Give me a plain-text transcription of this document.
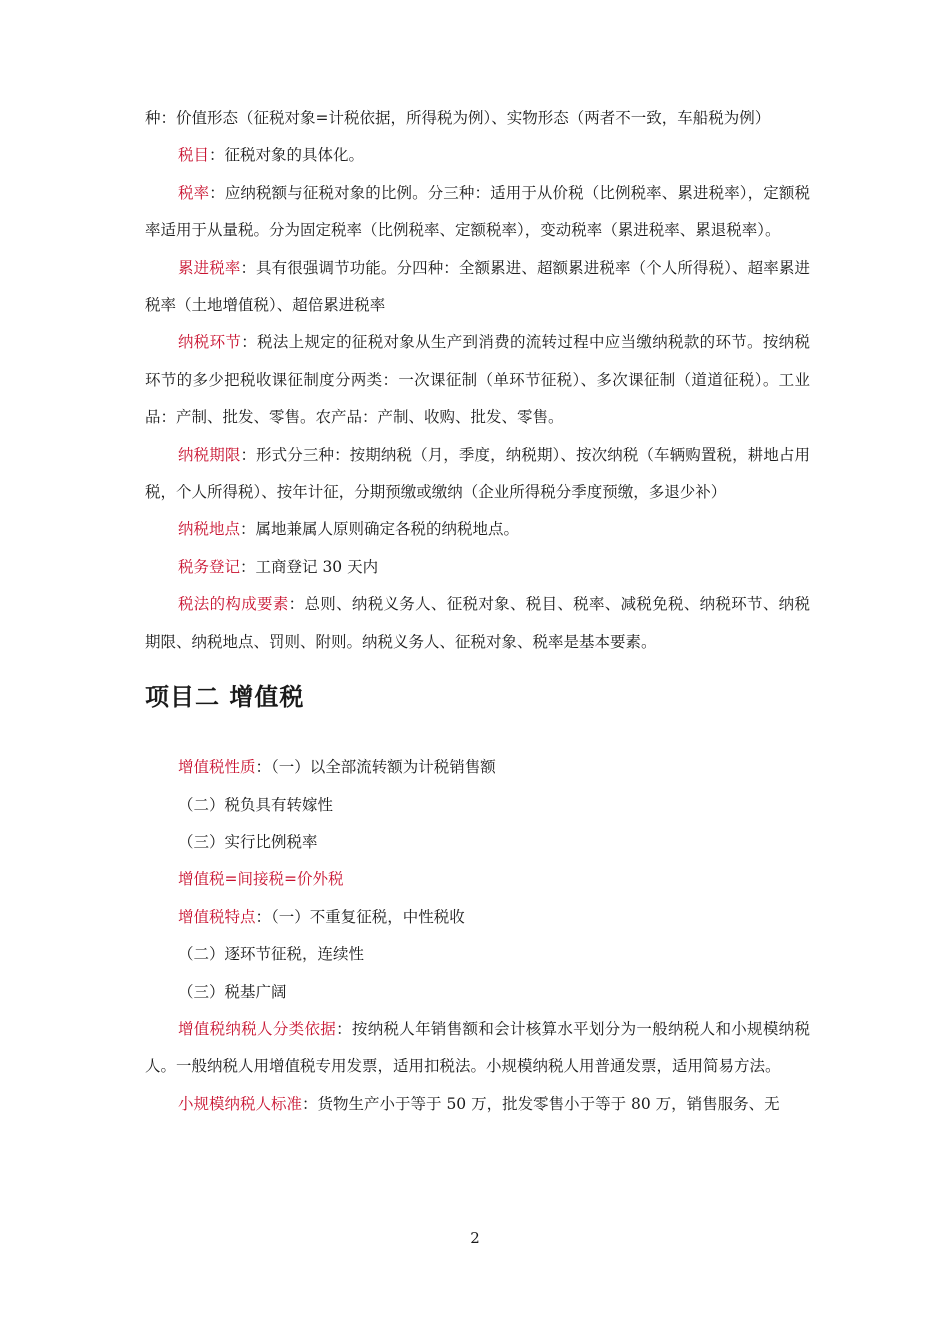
种：价值形态（征税对象=计税依据，所得税为例）、实物形态（两者不一致，车船税为例）

税目：征税对象的具体化。

税率：应纳税额与征税对象的比例。分三种：适用于从价税（比例税率、累进税率），定额税率适用于从量税。分为固定税率（比例税率、定额税率），变动税率（累进税率、累退税率）。

累进税率：具有很强调节功能。分四种：全额累进、超额累进税率（个人所得税）、超率累进税率（土地增值税）、超倍累进税率

纳税环节：税法上规定的征税对象从生产到消费的流转过程中应当缴纳税款的环节。按纳税环节的多少把税收课征制度分两类：一次课征制（单环节征税）、多次课征制（道道征税）。工业品：产制、批发、零售。农产品：产制、收购、批发、零售。

纳税期限：形式分三种：按期纳税（月，季度，纳税期）、按次纳税（车辆购置税，耕地占用税，个人所得税）、按年计征，分期预缴或缴纳（企业所得税分季度预缴，多退少补）

纳税地点：属地兼属人原则确定各税的纳税地点。

税务登记：工商登记 30 天内

税法的构成要素：总则、纳税义务人、征税对象、税目、税率、减税免税、纳税环节、纳税期限、纳税地点、罚则、附则。纳税义务人、征税对象、税率是基本要素。

项目二 增值税

增值税性质：（一）以全部流转额为计税销售额

（二）税负具有转嫁性

（三）实行比例税率

增值税=间接税=价外税

增值税特点：（一）不重复征税，中性税收

（二）逐环节征税，连续性

（三）税基广阔

增值税纳税人分类依据：按纳税人年销售额和会计核算水平划分为一般纳税人和小规模纳税人。一般纳税人用增值税专用发票，适用扣税法。小规模纳税人用普通发票，适用简易方法。

小规模纳税人标准：货物生产小于等于 50 万，批发零售小于等于 80 万，销售服务、无

2
